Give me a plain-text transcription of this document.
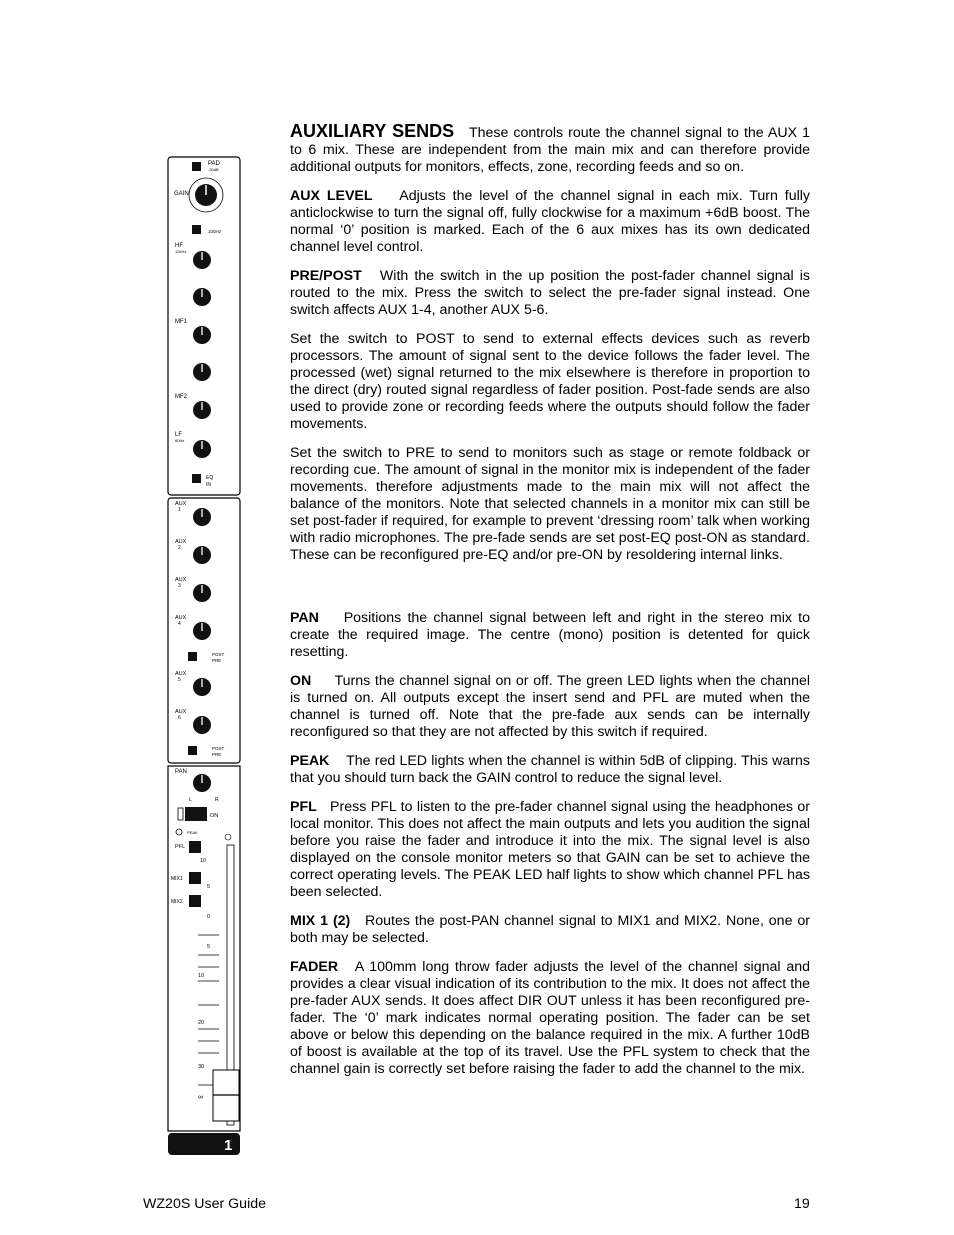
PAD
-30dB
GAIN
100Hz
HF
12kHz
MF1
MF2
LF
60Hz
EQ
IN
AUX
1
AUX
2
AUX
3
AUX
4
POST
PRE
AUX
5
AUX
6
POST
PRE
PAN
L	R
ON
PEAK
PFL
MIX1
MIX2
10
5
0
5
10
20
30
∞
1

AUXILIARY SENDS These controls route the channel signal to the AUX 1 to 6 mix. These are independent from the main mix and can therefore provide additional outputs for monitors, effects, zone, recording feeds and so on.

AUX LEVEL Adjusts the level of the channel signal in each mix. Turn fully anticlockwise to turn the signal off, fully clockwise for a maximum +6dB boost. The normal ‘0’ position is marked. Each of the 6 aux mixes has its own dedicated channel level control.

PRE/POST With the switch in the up position the post-fader channel signal is routed to the mix. Press the switch to select the pre-fader signal instead. One switch affects AUX 1-4, another AUX 5-6.

Set the switch to POST to send to external effects devices such as reverb processors. The amount of signal sent to the device follows the fader level. The processed (wet) signal returned to the mix elsewhere is therefore in proportion to the direct (dry) routed signal regardless of fader position. Post-fade sends are also used to provide zone or recording feeds where the outputs should follow the fader movements.

Set the switch to PRE to send to monitors such as stage or remote foldback or recording cue. The amount of signal in the monitor mix is independent of the fader movements. therefore adjustments made to the main mix will not affect the balance of the monitors. Note that selected channels in a monitor mix can still be set post-fader if required, for example to prevent ‘dressing room’ talk when working with radio microphones. The pre-fade sends are set post-EQ post-ON as standard. These can be reconfigured pre-EQ and/or pre-ON by resoldering internal links.

PAN Positions the channel signal between left and right in the stereo mix to create the required image. The centre (mono) position is detented for quick resetting.

ON Turns the channel signal on or off. The green LED lights when the channel is turned on. All outputs except the insert send and PFL are muted when the channel is turned off. Note that the pre-fade aux sends can be internally reconfigured so that they are not affected by this switch if required.

PEAK The red LED lights when the channel is within 5dB of clipping. This warns that you should turn back the GAIN control to reduce the signal level.

PFL Press PFL to listen to the pre-fader channel signal using the headphones or local monitor. This does not affect the main outputs and lets you audition the signal before you raise the fader and introduce it into the mix. The signal level is also displayed on the console monitor meters so that GAIN can be set to achieve the correct operating levels. The PEAK LED half lights to show which channel PFL has been selected.

MIX 1 (2) Routes the post-PAN channel signal to MIX1 and MIX2. None, one or both may be selected.

FADER A 100mm long throw fader adjusts the level of the channel signal and provides a clear visual indication of its contribution to the mix. It does not affect the pre-fader AUX sends. It does affect DIR OUT unless it has been reconfigured pre-fader. The ‘0’ mark indicates normal operating position. The fader can be set above or below this depending on the balance required in the mix. A further 10dB of boost is available at the top of its travel. Use the PFL system to check that the channel gain is correctly set before raising the fader to add the channel to the mix.

WZ20S User Guide	19
